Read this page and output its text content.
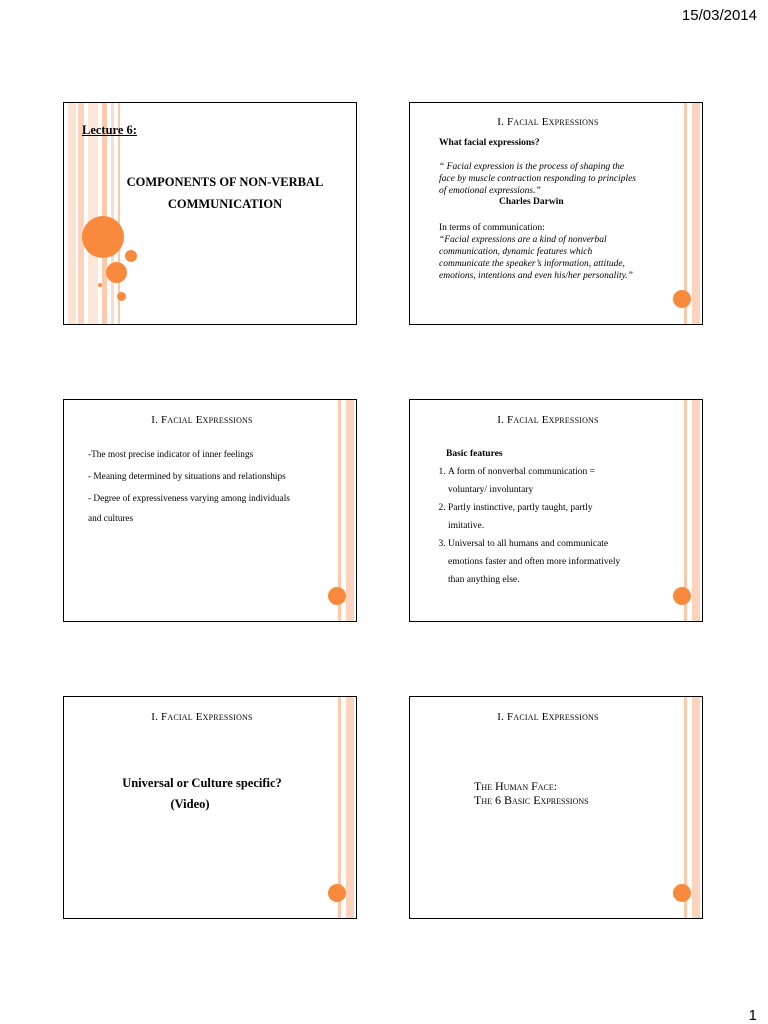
15/03/2014
Lecture 6:
COMPONENTS OF NON-VERBAL
COMMUNICATION
I. Facial Expressions
What facial expressions?
“ Facial expression is the process of shaping the
face by muscle contraction responding to principles
of emotional expressions.”
Charles Darwin
In terms of communication:
“Facial expressions are a kind of nonverbal
communication, dynamic features which
communicate the speaker’s information, attitude,
emotions, intentions and even his/her personality.”
I. Facial Expressions
-The most precise indicator of inner feelings
- Meaning determined by situations and relationships
- Degree of expressiveness varying among individuals
and cultures
I. Facial Expressions
Basic features
1. A form of nonverbal communication =
voluntary/ involuntary
2. Partly instinctive, partly taught, partly
imitative.
3. Universal to all humans and communicate
emotions faster and often more informatively
than anything else.
I. Facial Expressions
Universal or Culture specific?
(Video)
I. Facial Expressions
The Human Face:
The 6 Basic Expressions
1
